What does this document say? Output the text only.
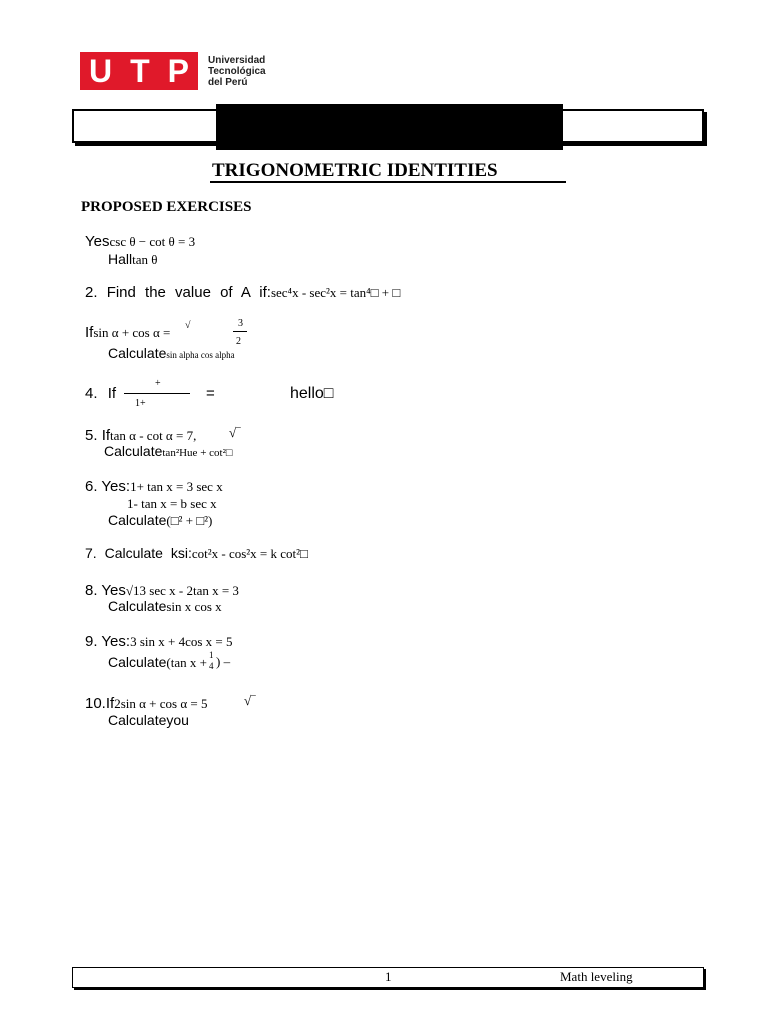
U T P Universidad
Tecnológica
del Perú
TRIGONOMETRIC IDENTITIES
PROPOSED EXERCISES
Yescsc θ − cot θ = 3
Halltan θ
2. Find the value of A if:sec⁴x - sec²x = tan⁴□ + □
Ifsin α + cos α = √	3
2
Calculatesin alpha cos alpha
4. If
+
1+
=	hello□
5. Iftan α - cot α = 7,	√‾
Calculatetan²Hue + cot²□
6. Yes:1+ tan x = 3 sec x
1- tan x = b sec x
Calculate(□² + □²)
7. Calculate ksi:cot²x - cos²x = k cot²□
8. Yes√13 sec x - 2tan x = 3
Calculatesin x cos x
9. Yes:3 sin x + 4cos x = 5
Calculate(tan x + 1
4 ) –
10.If2sin α + cos α = 5	√‾
Calculateyou
1	Math leveling
